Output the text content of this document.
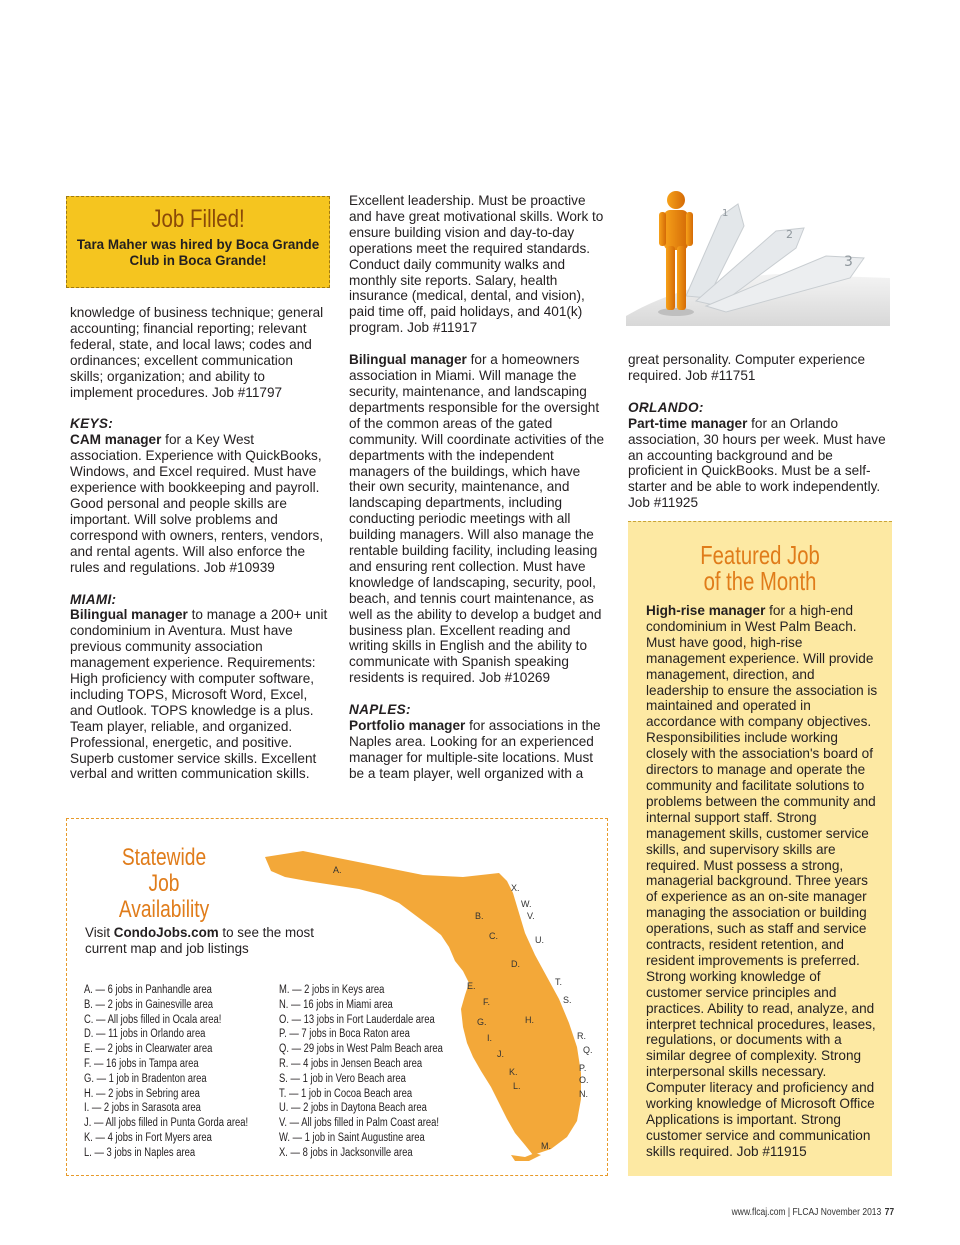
1
2
3
Job Filled!
Tara Maher was hired by Boca Grande Club in Boca Grande!

knowledge of business technique; general accounting; financial reporting; relevant federal, state, and local laws; codes and ordinances; excellent communication skills; organization; and ability to implement procedures. Job #11797

KEYS:

CAM manager for a Key West association. Experience with QuickBooks, Windows, and Excel required. Must have experience with bookkeeping and payroll. Good personal and people skills are important. Will solve problems and correspond with owners, renters, vendors, and rental agents. Will also enforce the rules and regulations. Job #10939

MIAMI:

Bilingual manager to manage a 200+ unit condominium in Aventura. Must have previous community association management experience. Requirements: High proficiency with computer software, including TOPS, Microsoft Word, Excel, and Outlook. TOPS knowledge is a plus. Team player, reliable, and organized. Professional, energetic, and positive. Superb customer service skills. Excellent verbal and written communication skills.

Excellent leadership. Must be proactive and have great motivational skills. Work to ensure building vision and day-to-day operations meet the required standards. Conduct daily community walks and monthly site reports. Salary, health insurance (medical, dental, and vision), paid time off, paid holidays, and 401(k) program. Job #11917

Bilingual manager for a homeowners association in Miami. Will manage the security, maintenance, and landscaping departments responsible for the oversight of the common areas of the gated community. Will coordinate activities of the departments with the independent managers of the buildings, which have their own security, maintenance, and landscaping departments, including conducting periodic meetings with all building managers. Will also manage the rentable building facility, including leasing and ensuring rent collection. Must have knowledge of landscaping, security, pool, beach, and tennis court maintenance, as well as the ability to develop a budget and business plan. Excellent reading and writing skills in English and the ability to communicate with Spanish speaking residents is required. Job #10269

NAPLES:

Portfolio manager for associations in the Naples area. Looking for an experienced manager for multiple-site locations. Must be a team player, well organized with a

great personality. Computer experience required. Job #11751

ORLANDO:

Part-time manager for an Orlando association, 30 hours per week. Must have an accounting background and be proficient in QuickBooks. Must be a self-starter and be able to work independently. Job #11925

Featured Job
of the Month
High-rise manager for a high-end condominium in West Palm Beach. Must have good, high-rise management experience. Will provide management, direction, and leadership to ensure the association is maintained and operated in accordance with company objectives. Responsibilities include working closely with the association's board of directors to manage and operate the community and facilitate solutions to problems between the community and internal support staff. Strong management skills, customer service skills, and supervisory skills are required. Must possess a strong, managerial background. Three years of experience as an on-site manager managing the association or building operations, such as staff and service contracts, resident retention, and resident improvements is preferred. Strong working knowledge of customer service principles and practices. Ability to read, analyze, and interpret technical procedures, leases, regulations, or documents with a similar degree of complexity. Strong interpersonal skills necessary. Computer literacy and proficiency and working knowledge of Microsoft Office Applications is important. Strong customer service and communication skills required. Job #11915
Statewide Job
Availability
Visit CondoJobs.com to see the most current map and job listings
A.
B.
C.
D.
E.
F.
G.	H.
I.
J.
K.
L.
M.
N.
O.
P.
Q.
R.
S.
T.
U.
V.
W.
X.
A. — 6 jobs in Panhandle area
B. — 2 jobs in Gainesville area
C. — All jobs filled in Ocala area!
D. — 11 jobs in Orlando area
E. — 2 jobs in Clearwater area
F. — 16 jobs in Tampa area
G. — 1 job in Bradenton area
H. — 2 jobs in Sebring area
I. — 2 jobs in Sarasota area
J. — All jobs filled in Punta Gorda area!
K. — 4 jobs in Fort Myers area
L. — 3 jobs in Naples area
M. — 2 jobs in Keys area
N. — 16 jobs in Miami area
O. — 13 jobs in Fort Lauderdale area
P. — 7 jobs in Boca Raton area
Q. — 29 jobs in West Palm Beach area
R. — 4 jobs in Jensen Beach area
S. — 1 job in Vero Beach area
T. — 1 job in Cocoa Beach area
U. — 2 jobs in Daytona Beach area
V. — All jobs filled in Palm Coast area!
W. — 1 job in Saint Augustine area
X. — 8 jobs in Jacksonville area
www.flcaj.com | FLCAJ November 2013 77
